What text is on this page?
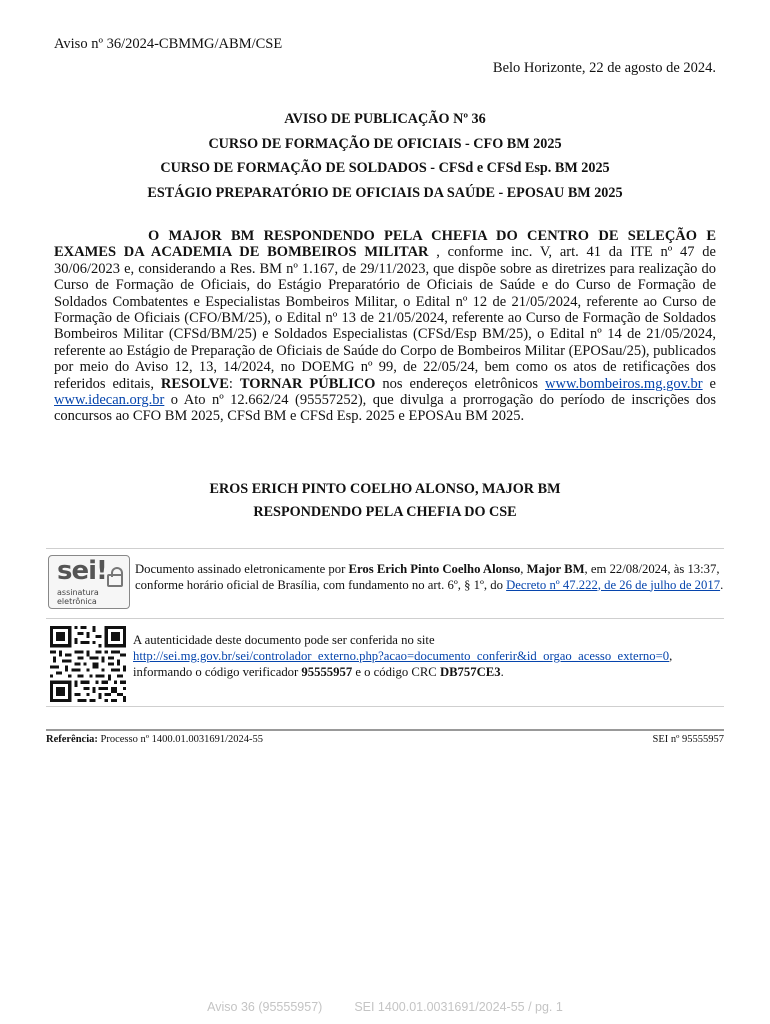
Aviso nº 36/2024-CBMMG/ABM/CSE
Belo Horizonte, 22 de agosto de 2024.
AVISO DE PUBLICAÇÃO Nº 36
CURSO DE FORMAÇÃO DE OFICIAIS - CFO BM 2025
CURSO DE FORMAÇÃO DE SOLDADOS - CFSd e CFSd Esp. BM 2025
ESTÁGIO PREPARATÓRIO DE OFICIAIS DA SAÚDE - EPOSAU BM 2025
O MAJOR BM RESPONDENDO PELA CHEFIA DO CENTRO DE SELEÇÃO E EXAMES DA ACADEMIA DE BOMBEIROS MILITAR , conforme inc. V, art. 41 da ITE nº 47 de 30/06/2023 e, considerando a Res. BM nº 1.167, de 29/11/2023, que dispõe sobre as diretrizes para realização do Curso de Formação de Oficiais, do Estágio Preparatório de Oficiais de Saúde e do Curso de Formação de Soldados Combatentes e Especialistas Bombeiros Militar, o Edital nº 12 de 21/05/2024, referente ao Curso de Formação de Oficiais (CFO/BM/25), o Edital nº 13 de 21/05/2024, referente ao Curso de Formação de Soldados Bombeiros Militar (CFSd/BM/25) e Soldados Especialistas (CFSd/Esp BM/25), o Edital nº 14 de 21/05/2024, referente ao Estágio de Preparação de Oficiais de Saúde do Corpo de Bombeiros Militar (EPOSau/25), publicados por meio do Aviso 12, 13, 14/2024, no DOEMG nº 99, de 22/05/24, bem como os atos de retificações dos referidos editais, RESOLVE: TORNAR PÚBLICO nos endereços eletrônicos www.bombeiros.mg.gov.br e www.idecan.org.br o Ato nº 12.662/24 (95557252), que divulga a prorrogação do período de inscrições dos concursos ao CFO BM 2025, CFSd BM e CFSd Esp. 2025 e EPOSAu BM 2025.
EROS ERICH PINTO COELHO ALONSO, MAJOR BM
RESPONDENDO PELA CHEFIA DO CSE
sei!
assinatura
eletrônica
Documento assinado eletronicamente por Eros Erich Pinto Coelho Alonso, Major BM, em 22/08/2024, às 13:37, conforme horário oficial de Brasília, com fundamento no art. 6º, § 1º, do Decreto nº 47.222, de 26 de julho de 2017.
A autenticidade deste documento pode ser conferida no site
http://sei.mg.gov.br/sei/controlador_externo.php?acao=documento_conferir&id_orgao_acesso_externo=0, informando o código verificador 95555957 e o código CRC DB757CE3.
Referência: Processo nº 1400.01.0031691/2024-55	SEI nº 95555957
Aviso 36 (95555957)	SEI 1400.01.0031691/2024-55 / pg. 1
